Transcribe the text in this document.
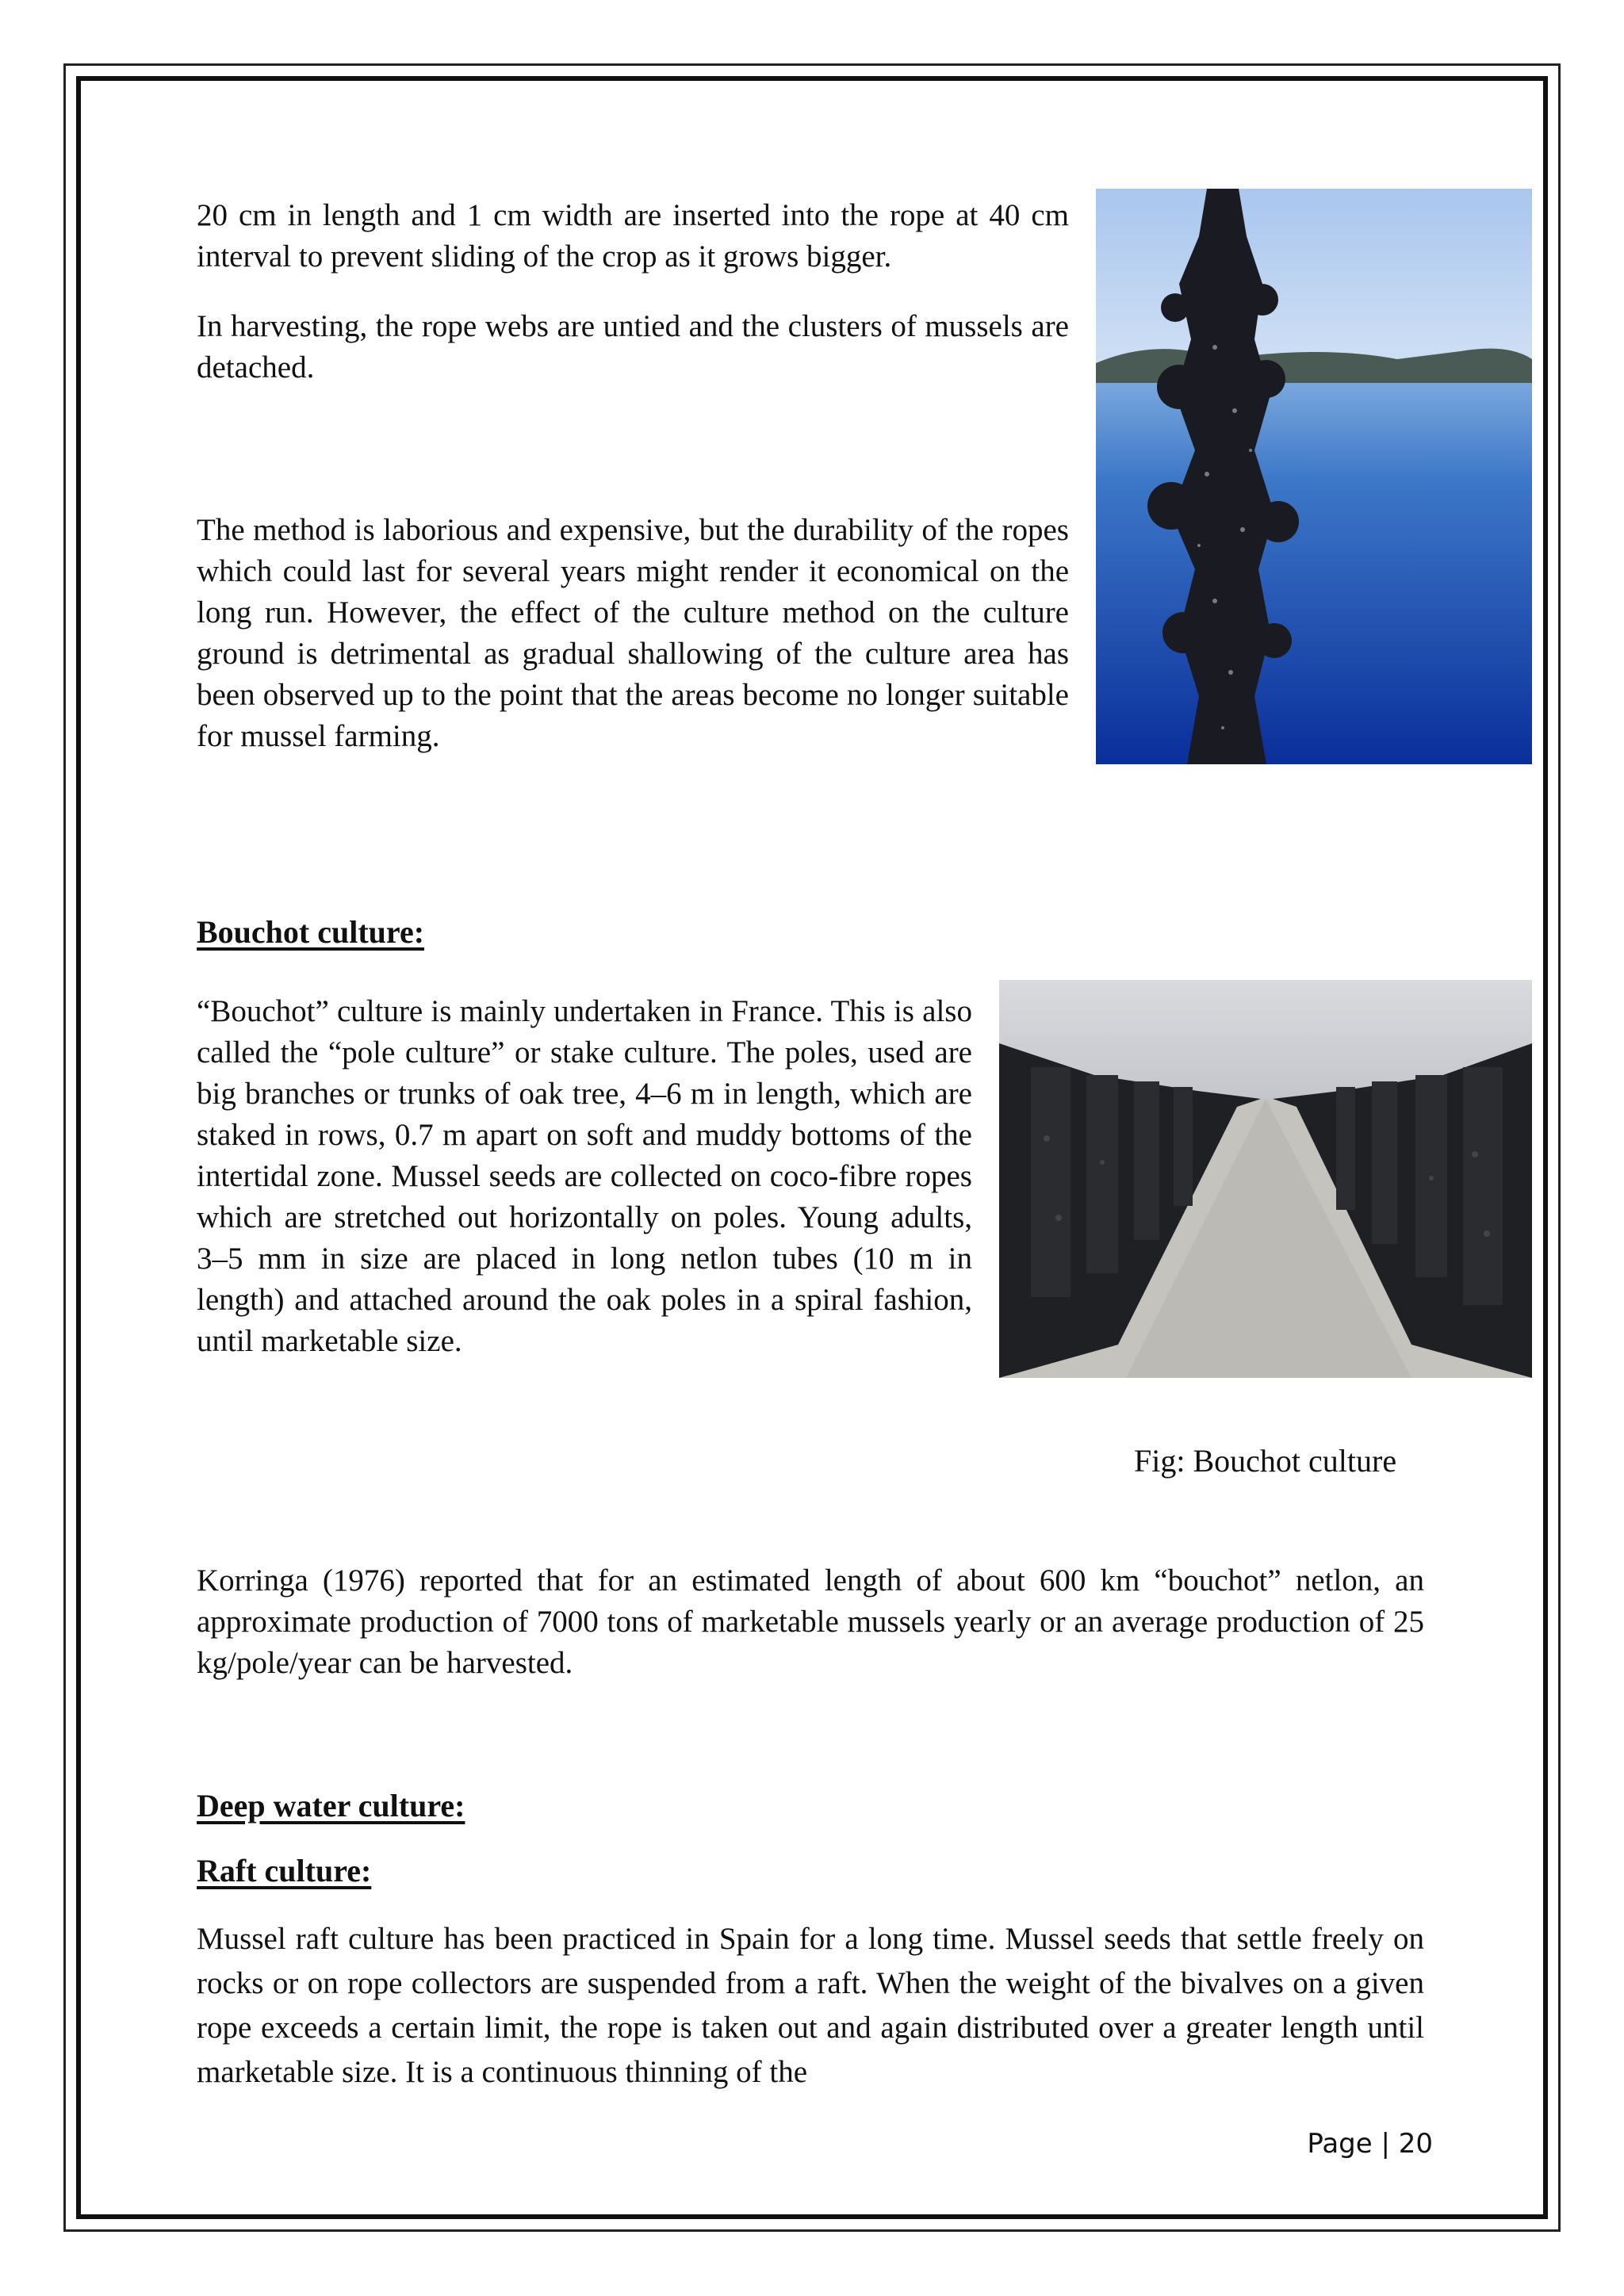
20 cm in length and 1 cm width are inserted into the rope at 40 cm interval to prevent sliding of the crop as it grows bigger.

In harvesting, the rope webs are untied and the clusters of mussels are detached.

The method is laborious and expensive, but the durability of the ropes which could last for several years might render it economical on the long run. However, the effect of the culture method on the culture ground is detrimental as gradual shallowing of the culture area has been observed up to the point that the areas become no longer suitable for mussel farming.

Bouchot culture:

“Bouchot” culture is mainly undertaken in France. This is also called the “pole culture” or stake culture. The poles, used are big branches or trunks of oak tree, 4–6 m in length, which are staked in rows, 0.7 m apart on soft and muddy bottoms of the intertidal zone. Mussel seeds are collected on coco-fibre ropes which are stretched out horizontally on poles. Young adults, 3–5 mm in size are placed in long netlon tubes (10 m in length) and attached around the oak poles in a spiral fashion, until marketable size.

Fig: Bouchot culture

Korringa (1976) reported that for an estimated length of about 600 km “bouchot” netlon, an approximate production of 7000 tons of marketable mussels yearly or an average production of 25 kg/pole/year can be harvested.

Deep water culture:
Raft culture:

Mussel raft culture has been practiced in Spain for a long time. Mussel seeds that settle freely on rocks or on rope collectors are suspended from a raft. When the weight of the bivalves on a given rope exceeds a certain limit, the rope is taken out and again distributed over a greater length until marketable size. It is a continuous thinning of the

Page | 20
